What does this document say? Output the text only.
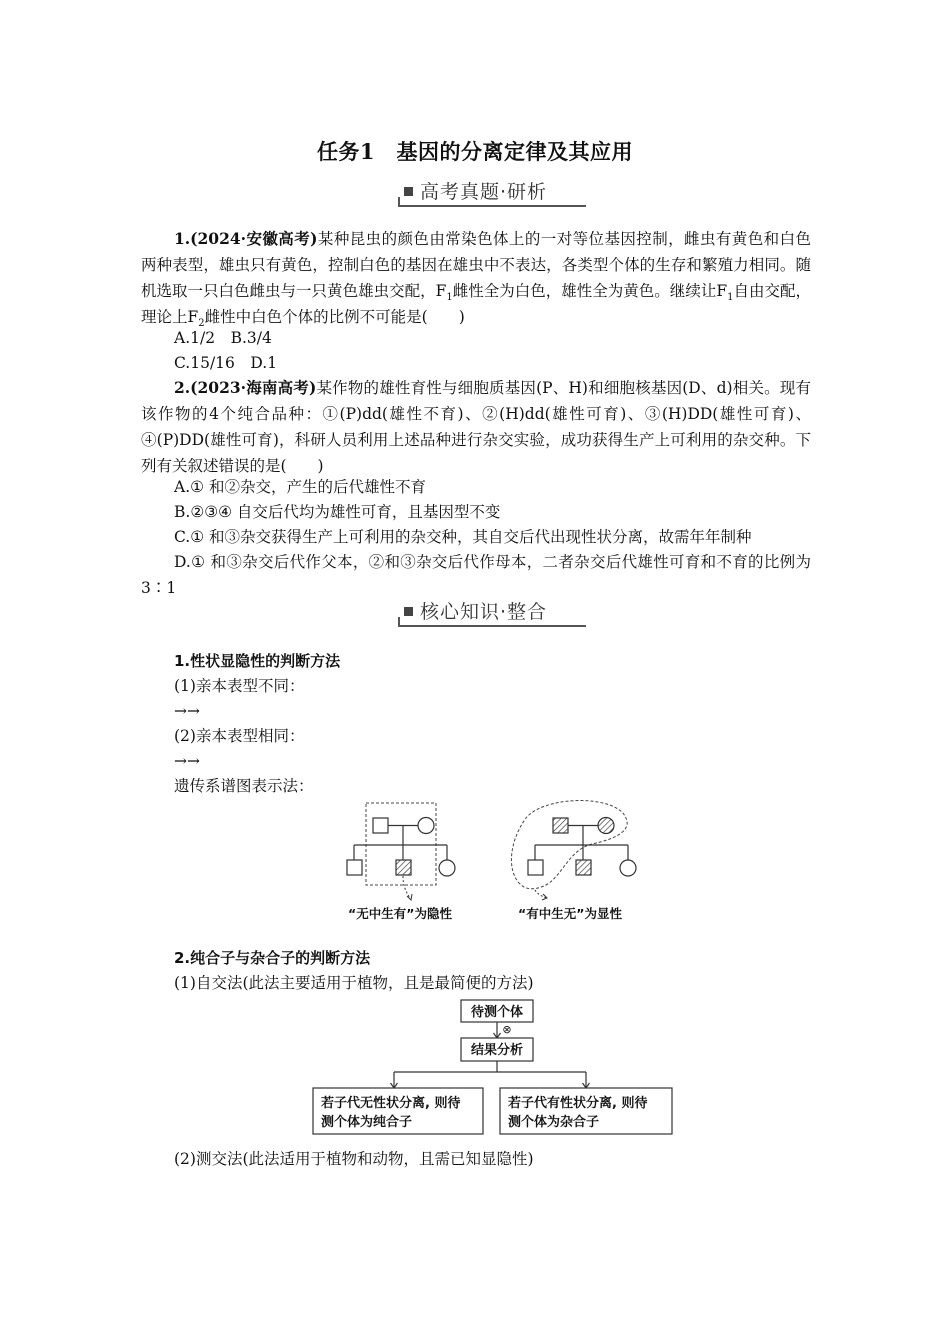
任务1　基因的分离定律及其应用
高考真题·研析
1.(2024·安徽高考)某种昆虫的颜色由常染色体上的一对等位基因控制，雌虫有黄色和白色两种表型，雄虫只有黄色，控制白色的基因在雄虫中不表达，各类型个体的生存和繁殖力相同。随机选取一只白色雌虫与一只黄色雄虫交配，$F_1$雌性全为白色，雄性全为黄色。继续让$F_1$自由交配，理论上$F_2$雌性中白色个体的比例不可能是(　　)
A.1/2　B.3/4
C.15/16　D.1
2.(2023·海南高考)某作物的雄性育性与细胞质基因(P、H)和细胞核基因(D、d)相关。现有该作物的4个纯合品种：①(P)dd(雄性不育)、②(H)dd(雄性可育)、③(H)DD(雄性可育)、④(P)DD(雄性可育)，科研人员利用上述品种进行杂交实验，成功获得生产上可利用的杂交种。下列有关叙述错误的是(　　)
A.① 和②杂交，产生的后代雄性不育
B.②③④ 自交后代均为雄性可育，且基因型不变
C.① 和③杂交获得生产上可利用的杂交种，其自交后代出现性状分离，故需年年制种
D.① 和③杂交后代作父本，②和③杂交后代作母本，二者杂交后代雄性可育和不育的比例为3∶1
核心知识·整合
1.性状显隐性的判断方法
(1)亲本表型不同：
→→
(2)亲本表型相同：
→→
遗传系谱图表示法：
“无中生有”为隐性	“有中生无”为显性
2.纯合子与杂合子的判断方法
(1)自交法(此法主要适用于植物，且是最简便的方法)
待测个体
⊗
结果分析
若子代无性状分离, 则待
测个体为纯合子
若子代有性状分离, 则待
测个体为杂合子
(2)测交法(此法适用于植物和动物，且需已知显隐性)
